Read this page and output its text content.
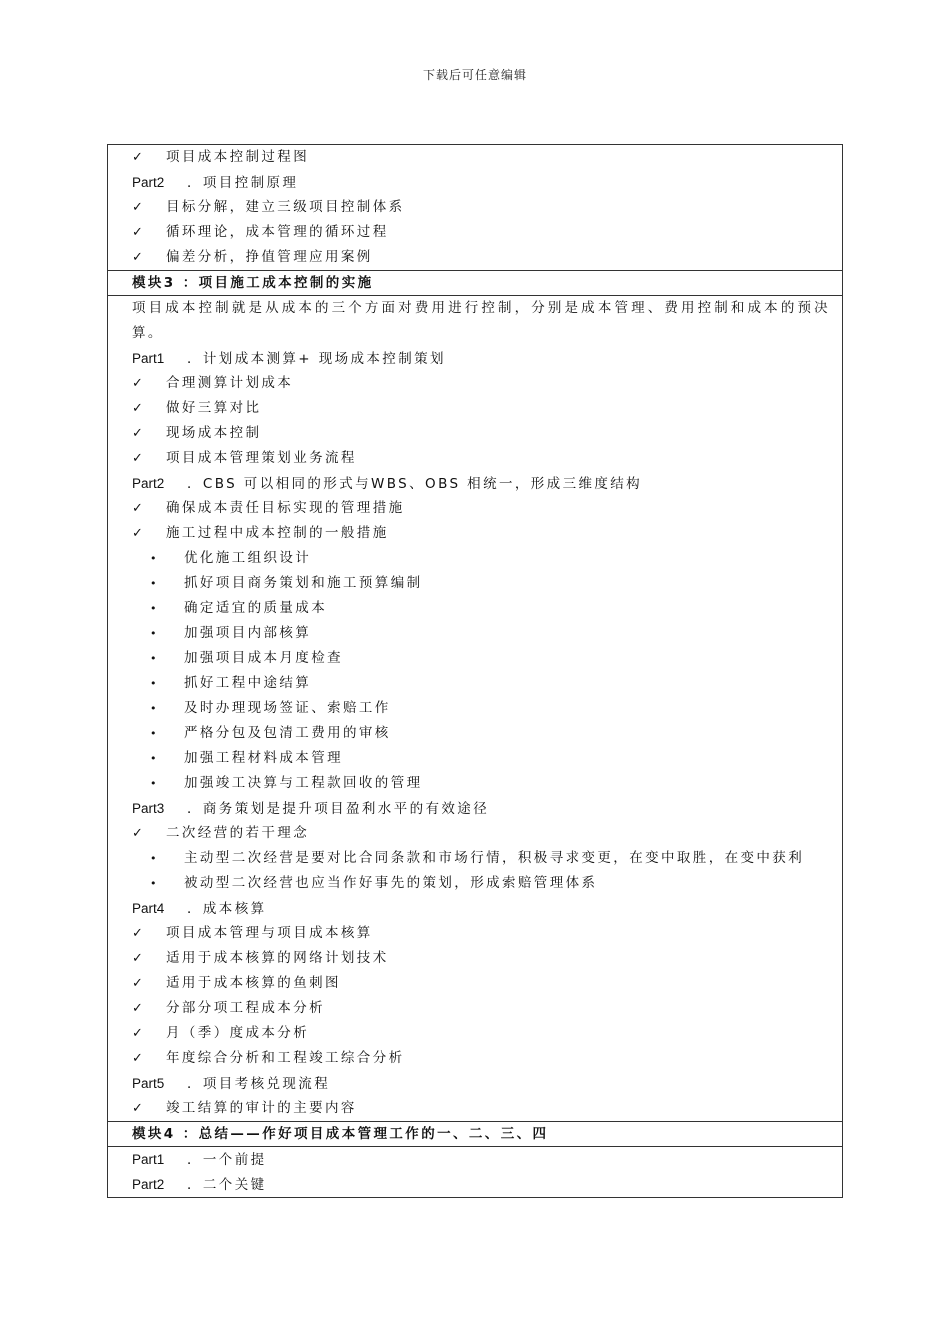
下载后可任意编辑
✓ 项目成本控制过程图
Part2 ．项目控制原理
✓ 目标分解，建立三级项目控制体系
✓ 循环理论，成本管理的循环过程
✓ 偏差分析，挣值管理应用案例
模块3 ：项目施工成本控制的实施
项目成本控制就是从成本的三个方面对费用进行控制，分别是成本管理、费用控制和成本的预决算。
Part1 ．计划成本测算+ 现场成本控制策划
✓ 合理测算计划成本
✓ 做好三算对比
✓ 现场成本控制
✓ 项目成本管理策划业务流程
Part2 ．CBS 可以相同的形式与WBS、OBS 相统一，形成三维度结构
✓ 确保成本责任目标实现的管理措施
✓ 施工过程中成本控制的一般措施
• 优化施工组织设计
• 抓好项目商务策划和施工预算编制
• 确定适宜的质量成本
• 加强项目内部核算
• 加强项目成本月度检查
• 抓好工程中途结算
• 及时办理现场签证、索赔工作
• 严格分包及包清工费用的审核
• 加强工程材料成本管理
• 加强竣工决算与工程款回收的管理
Part3 ．商务策划是提升项目盈利水平的有效途径
✓ 二次经营的若干理念
•	主动型二次经营是要对比合同条款和市场行情，积极寻求变更，在变中取胜，在变中获利
• 被动型二次经营也应当作好事先的策划，形成索赔管理体系
Part4 ．成本核算
✓ 项目成本管理与项目成本核算
✓ 适用于成本核算的网络计划技术
✓ 适用于成本核算的鱼刺图
✓ 分部分项工程成本分析
✓ 月（季）度成本分析
✓ 年度综合分析和工程竣工综合分析
Part5 ．项目考核兑现流程
✓ 竣工结算的审计的主要内容
模块4 ：总结——作好项目成本管理工作的一、二、三、四
Part1 ．一个前提
Part2 ．二个关键
